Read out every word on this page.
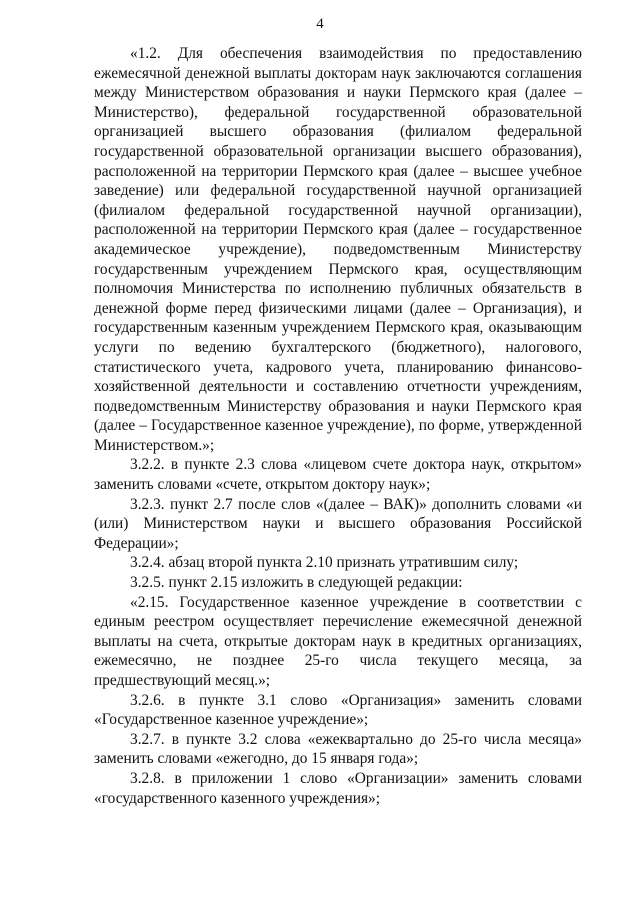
4

«1.2. Для обеспечения взаимодействия по предоставлению ежемесячной денежной выплаты докторам наук заключаются соглашения между Министерством образования и науки Пермского края (далее – Министерство), федеральной государственной образовательной организацией высшего образования (филиалом федеральной государственной образовательной организации высшего образования), расположенной на территории Пермского края (далее – высшее учебное заведение) или федеральной государственной научной организацией (филиалом федеральной государственной научной организации), расположенной на территории Пермского края (далее – государственное академическое учреждение), подведомственным Министерству государственным учреждением Пермского края, осуществляющим полномочия Министерства по исполнению публичных обязательств в денежной форме перед физическими лицами (далее – Организация), и государственным казенным учреждением Пермского края, оказывающим услуги по ведению бухгалтерского (бюджетного), налогового, статистического учета, кадрового учета, планированию финансово-хозяйственной деятельности и составлению отчетности учреждениям, подведомственным Министерству образования и науки Пермского края (далее – Государственное казенное учреждение), по форме, утвержденной Министерством.»;

3.2.2. в пункте 2.3 слова «лицевом счете доктора наук, открытом» заменить словами «счете, открытом доктору наук»;

3.2.3. пункт 2.7 после слов «(далее – ВАК)» дополнить словами «и (или) Министерством науки и высшего образования Российской Федерации»;

3.2.4. абзац второй пункта 2.10 признать утратившим силу;

3.2.5. пункт 2.15 изложить в следующей редакции:

«2.15. Государственное казенное учреждение в соответствии с единым реестром осуществляет перечисление ежемесячной денежной выплаты на счета, открытые докторам наук в кредитных организациях, ежемесячно, не позднее 25-го числа текущего месяца, за предшествующий месяц.»;

3.2.6. в пункте 3.1 слово «Организация» заменить словами «Государственное казенное учреждение»;

3.2.7. в пункте 3.2 слова «ежеквартально до 25-го числа месяца» заменить словами «ежегодно, до 15 января года»;

3.2.8. в приложении 1 слово «Организации» заменить словами «государственного казенного учреждения»;
